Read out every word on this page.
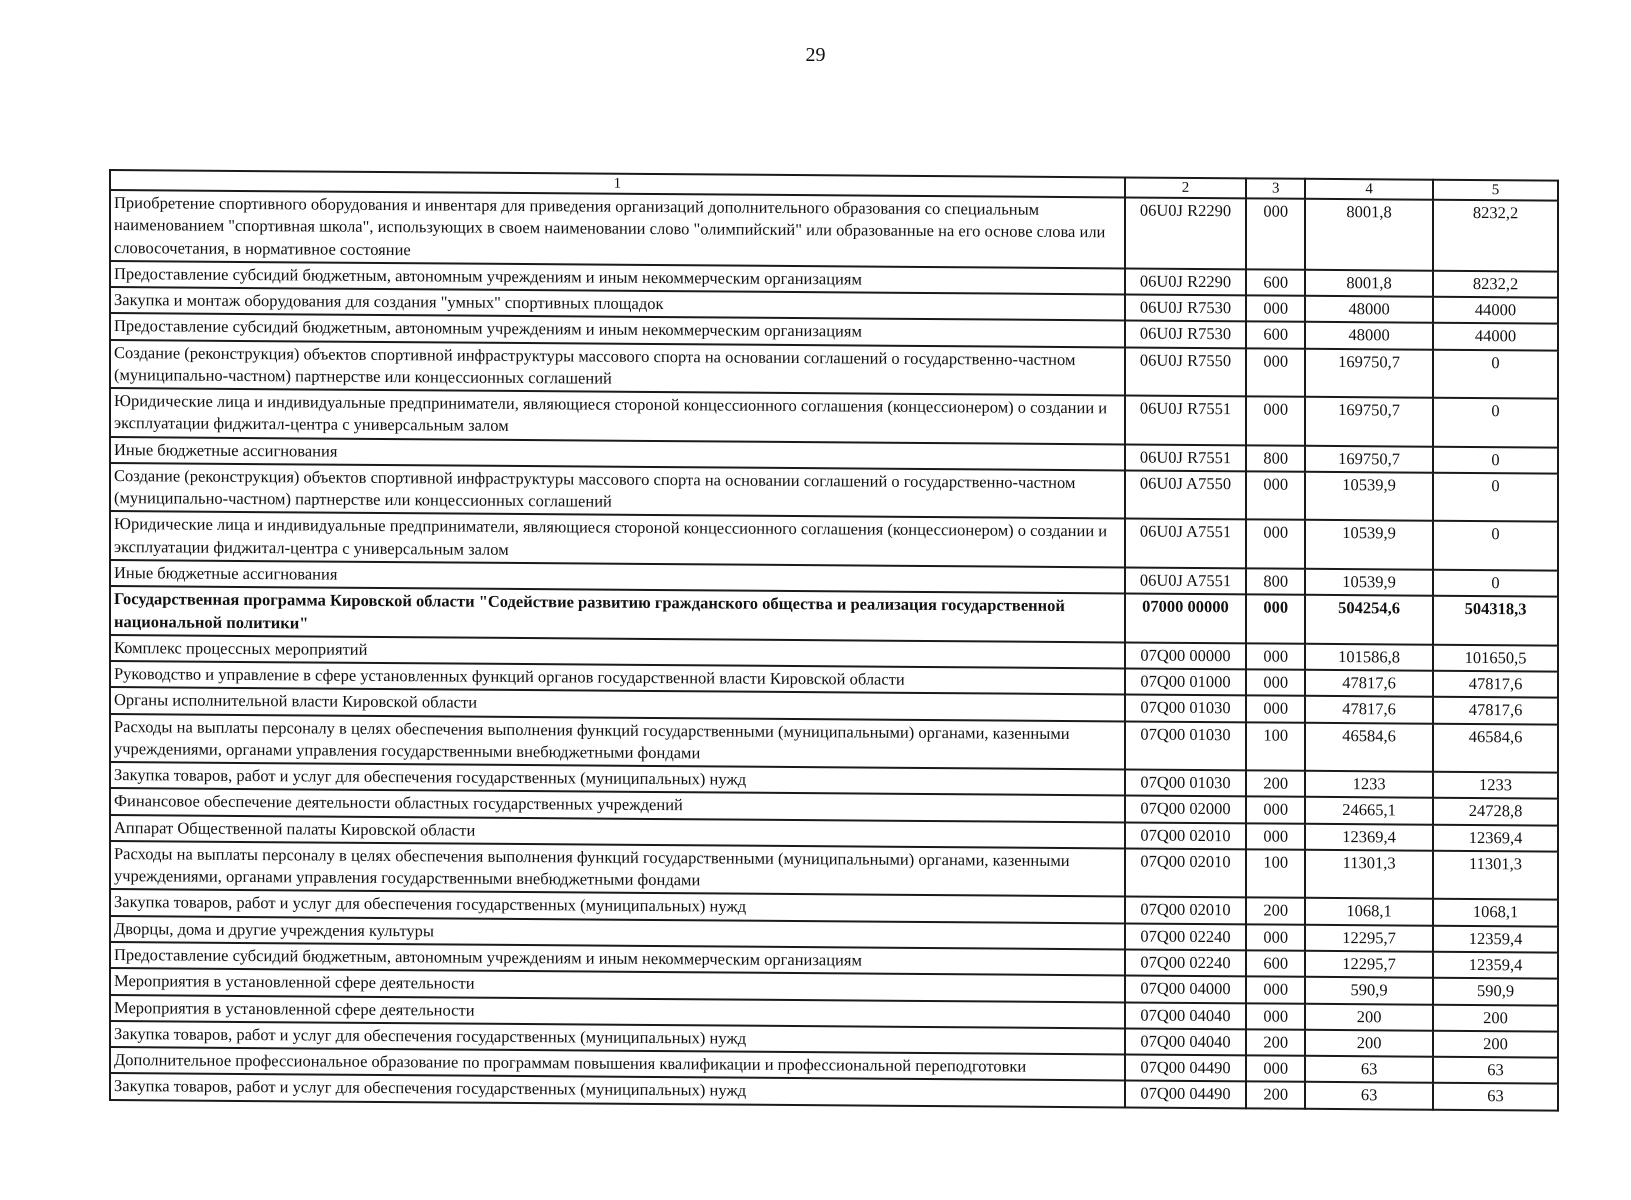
29
1	2	3	4	5
Приобретение спортивного оборудования и инвентаря для приведения организаций дополнительного образования со специальным наименованием "спортивная школа", использующих в своем наименовании слово "олимпийский" или образованные на его основе слова или словосочетания, в нормативное состояние	06U0J R2290	000	8001,8	8232,2
Предоставление субсидий бюджетным, автономным учреждениям и иным некоммерческим организациям	06U0J R2290	600	8001,8	8232,2
Закупка и монтаж оборудования для создания "умных" спортивных площадок	06U0J R7530	000	48000	44000
Предоставление субсидий бюджетным, автономным учреждениям и иным некоммерческим организациям	06U0J R7530	600	48000	44000
Создание (реконструкция) объектов спортивной инфраструктуры массового спорта на основании соглашений о государственно-частном (муниципально-частном) партнерстве или концессионных соглашений	06U0J R7550	000	169750,7	0
Юридические лица и индивидуальные предприниматели, являющиеся стороной концессионного соглашения (концессионером) о создании и эксплуатации фиджитал-центра с универсальным залом	06U0J R7551	000	169750,7	0
Иные бюджетные ассигнования	06U0J R7551	800	169750,7	0
Создание (реконструкция) объектов спортивной инфраструктуры массового спорта на основании соглашений о государственно-частном (муниципально-частном) партнерстве или концессионных соглашений	06U0J A7550	000	10539,9	0
Юридические лица и индивидуальные предприниматели, являющиеся стороной концессионного соглашения (концессионером) о создании и эксплуатации фиджитал-центра с универсальным залом	06U0J A7551	000	10539,9	0
Иные бюджетные ассигнования	06U0J A7551	800	10539,9	0
Государственная программа Кировской области "Содействие развитию гражданского общества и реализация государственной национальной политики"	07000 00000	000	504254,6	504318,3
Комплекс процессных мероприятий	07Q00 00000	000	101586,8	101650,5
Руководство и управление в сфере установленных функций органов государственной власти Кировской области	07Q00 01000	000	47817,6	47817,6
Органы исполнительной власти Кировской области	07Q00 01030	000	47817,6	47817,6
Расходы на выплаты персоналу в целях обеспечения выполнения функций государственными (муниципальными) органами, казенными учреждениями, органами управления государственными внебюджетными фондами	07Q00 01030	100	46584,6	46584,6
Закупка товаров, работ и услуг для обеспечения государственных (муниципальных) нужд	07Q00 01030	200	1233	1233
Финансовое обеспечение деятельности областных государственных учреждений	07Q00 02000	000	24665,1	24728,8
Аппарат Общественной палаты Кировской области	07Q00 02010	000	12369,4	12369,4
Расходы на выплаты персоналу в целях обеспечения выполнения функций государственными (муниципальными) органами, казенными учреждениями, органами управления государственными внебюджетными фондами	07Q00 02010	100	11301,3	11301,3
Закупка товаров, работ и услуг для обеспечения государственных (муниципальных) нужд	07Q00 02010	200	1068,1	1068,1
Дворцы, дома и другие учреждения культуры	07Q00 02240	000	12295,7	12359,4
Предоставление субсидий бюджетным, автономным учреждениям и иным некоммерческим организациям	07Q00 02240	600	12295,7	12359,4
Мероприятия в установленной сфере деятельности	07Q00 04000	000	590,9	590,9
Мероприятия в установленной сфере деятельности	07Q00 04040	000	200	200
Закупка товаров, работ и услуг для обеспечения государственных (муниципальных) нужд	07Q00 04040	200	200	200
Дополнительное профессиональное образование по программам повышения квалификации и профессиональной переподготовки	07Q00 04490	000	63	63
Закупка товаров, работ и услуг для обеспечения государственных (муниципальных) нужд	07Q00 04490	200	63	63
